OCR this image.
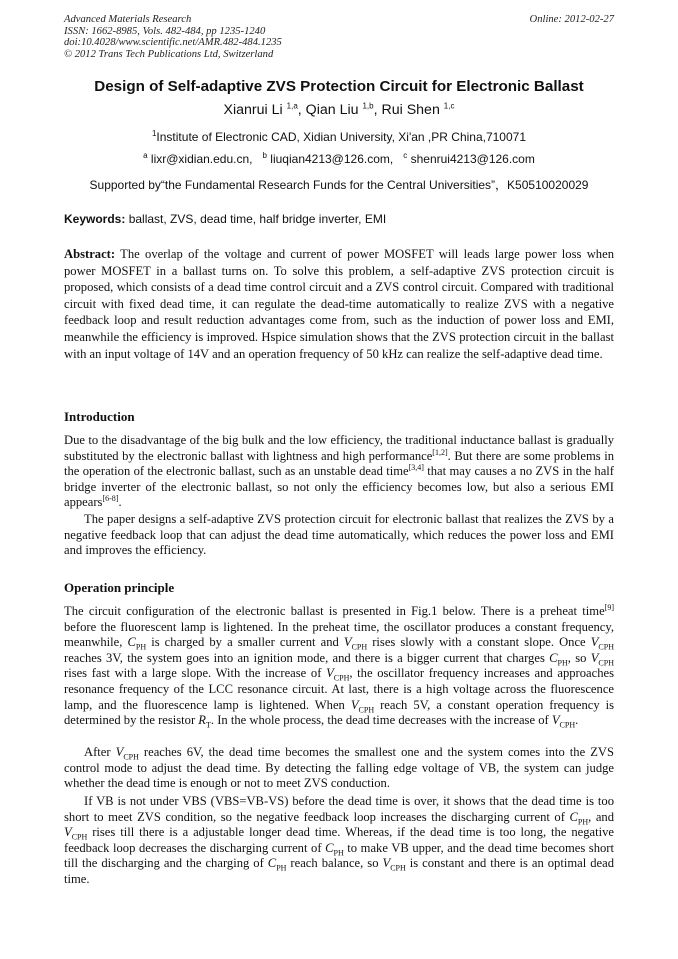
Advanced Materials Research
ISSN: 1662-8985, Vols. 482-484, pp 1235-1240
doi:10.4028/www.scientific.net/AMR.482-484.1235
© 2012 Trans Tech Publications Ltd, Switzerland
Online: 2012-02-27
Design of Self-adaptive ZVS Protection Circuit for Electronic Ballast
Xianrui Li $^{1,a}$, Qian Liu $^{1,b}$, Rui Shen $^{1,c}$
$^1$Institute of Electronic CAD, Xidian University, Xi'an ,PR China,710071
$^a$ lixr@xidian.edu.cn, $^b$ liuqian4213@126.com, $^c$ shenrui4213@126.com
Supported by“the Fundamental Research Funds for the Central Universities”，K50510020029
Keywords: ballast, ZVS, dead time, half bridge inverter, EMI

Abstract: The overlap of the voltage and current of power MOSFET will leads large power loss when power MOSFET in a ballast turns on. To solve this problem, a self-adaptive ZVS protection circuit is proposed, which consists of a dead time control circuit and a ZVS control circuit. Compared with traditional circuit with fixed dead time, it can regulate the dead-time automatically to realize ZVS with a negative feedback loop and result reduction advantages come from, such as the induction of power loss and EMI, meanwhile the efficiency is improved. Hspice simulation shows that the ZVS protection circuit in the ballast with an input voltage of 14V and an operation frequency of 50 kHz can realize the self-adaptive dead time.

Introduction

Due to the disadvantage of the big bulk and the low efficiency, the traditional inductance ballast is gradually substituted by the electronic ballast with lightness and high performance[1,2]. But there are some problems in the operation of the electronic ballast, such as an unstable dead time[3,4] that may causes a no ZVS in the half bridge inverter of the electronic ballast, so not only the efficiency becomes low, but also a serious EMI appears[6-8].

The paper designs a self-adaptive ZVS protection circuit for electronic ballast that realizes the ZVS by a negative feedback loop that can adjust the dead time automatically, which reduces the power loss and EMI and improves the efficiency.

Operation principle

The circuit configuration of the electronic ballast is presented in Fig.1 below. There is a preheat time[9] before the fluorescent lamp is lightened. In the preheat time, the oscillator produces a constant frequency, meanwhile, $C_{PH}$ is charged by a smaller current and $V_{CPH}$ rises slowly with a constant slope. Once $V_{CPH}$ reaches 3V, the system goes into an ignition mode, and there is a bigger current that charges $C_{PH}$, so $V_{CPH}$ rises fast with a large slope. With the increase of $V_{CPH}$, the oscillator frequency increases and approaches resonance frequency of the LCC resonance circuit. At last, there is a high voltage across the fluorescence lamp, and the fluorescence lamp is lightened. When $V_{CPH}$ reach 5V, a constant operation frequency is determined by the resistor $R_T$. In the whole process, the dead time decreases with the increase of $V_{CPH}$.

After $V_{CPH}$ reaches 6V, the dead time becomes the smallest one and the system comes into the ZVS control mode to adjust the dead time. By detecting the falling edge voltage of VB, the system can judge whether the dead time is enough or not to meet ZVS conduction.

If VB is not under VBS (VBS=VB-VS) before the dead time is over, it shows that the dead time is too short to meet ZVS condition, so the negative feedback loop increases the discharging current of $C_{PH}$, and $V_{CPH}$ rises till there is a adjustable longer dead time. Whereas, if the dead time is too long, the negative feedback loop decreases the discharging current of $C_{PH}$ to make VB upper, and the dead time becomes short till the discharging and the charging of $C_{PH}$ reach balance, so $V_{CPH}$ is constant and there is an optimal dead time.
